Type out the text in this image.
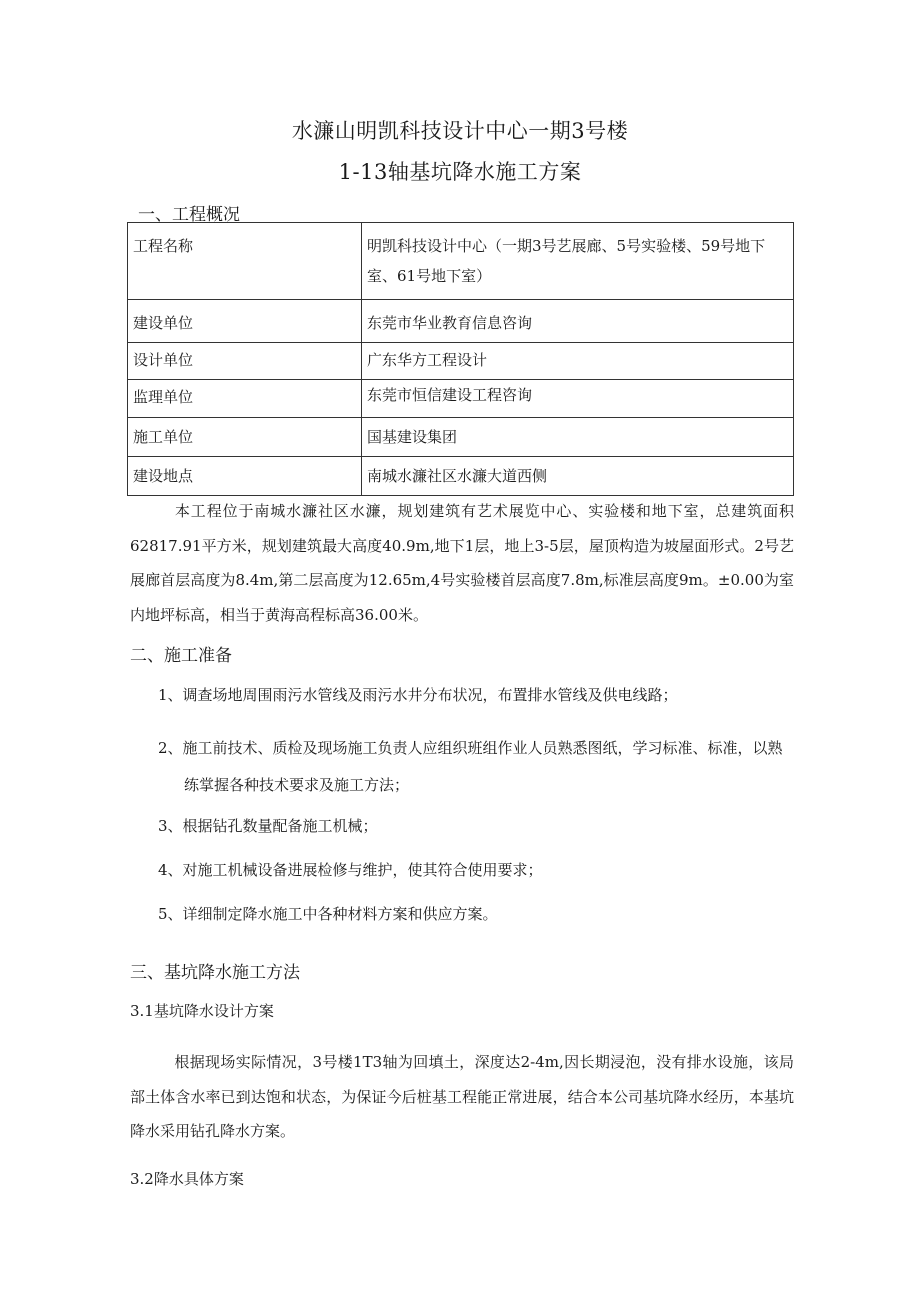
水濂山明凯科技设计中心一期3号楼
1-13轴基坑降水施工方案
一、工程概况
工程名称	明凯科技设计中心（一期3号艺展廊、5号实验楼、59号地下室、61号地下室）
建设单位	东莞市华业教育信息咨询
设计单位	广东华方工程设计
监理单位	东莞市恒信建设工程咨询
施工单位	国基建设集团
建设地点	南城水濂社区水濂大道西侧
本工程位于南城水濂社区水濂，规划建筑有艺术展览中心、实验楼和地下室，总建筑面积62817.91平方米，规划建筑最大高度40.9m,地下1层，地上3-5层，屋顶构造为坡屋面形式。2号艺展廊首层高度为8.4m,第二层高度为12.65m,4号实验楼首层高度7.8m,标准层高度9m。±0.00为室内地坪标高，相当于黄海高程标高36.00米。
二、施工准备
1、调查场地周围雨污水管线及雨污水井分布状况，布置排水管线及供电线路；
2、施工前技术、质检及现场施工负责人应组织班组作业人员熟悉图纸，学习标准、标准，以熟练掌握各种技术要求及施工方法；
3、根据钻孔数量配备施工机械；
4、对施工机械设备进展检修与维护，使其符合使用要求；
5、详细制定降水施工中各种材料方案和供应方案。
三、基坑降水施工方法
3.1基坑降水设计方案
根据现场实际情况，3号楼1T3轴为回填土，深度达2-4m,因长期浸泡，没有排水设施，该局部土体含水率已到达饱和状态，为保证今后桩基工程能正常进展，结合本公司基坑降水经历，本基坑降水采用钻孔降水方案。
3.2降水具体方案
